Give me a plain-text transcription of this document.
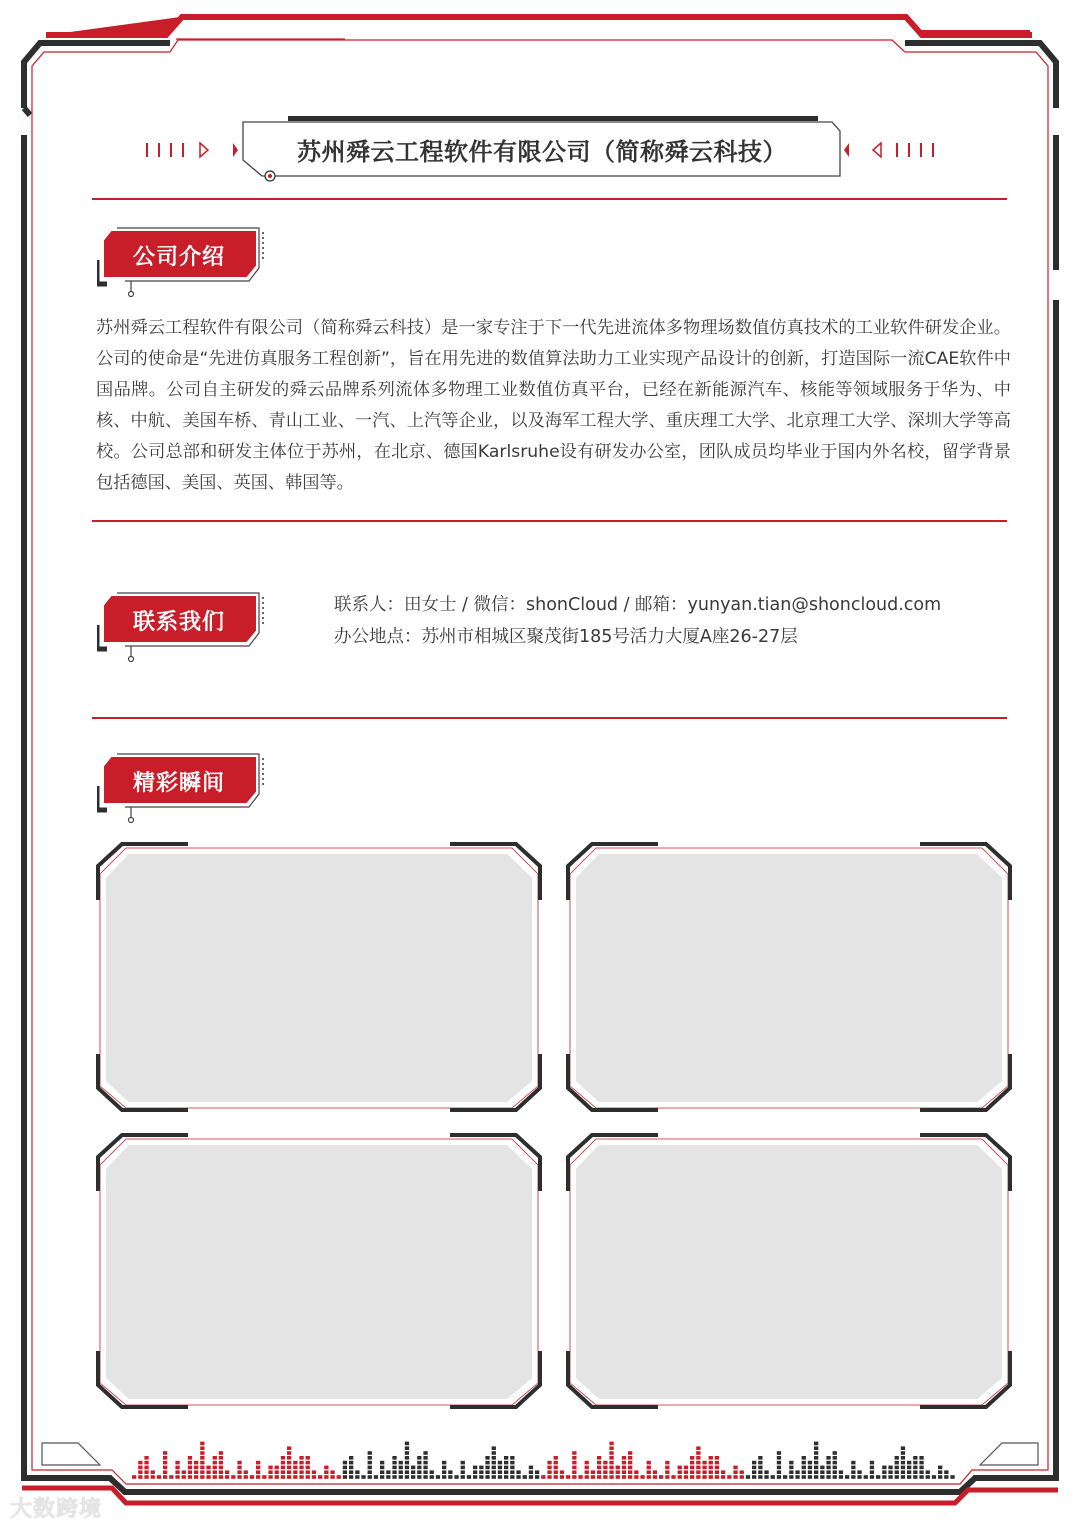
苏州舜云工程软件有限公司（简称舜云科技）
公司介绍
苏州舜云工程软件有限公司（简称舜云科技）是一家专注于下一代先进流体多物理场数值仿真技术的工业软件研发企业。公司的使命是“先进仿真服务工程创新”，旨在用先进的数值算法助力工业实现产品设计的创新，打造国际一流CAE软件中国品牌。公司自主研发的舜云品牌系列流体多物理工业数值仿真平台，已经在新能源汽车、核能等领域服务于华为、中核、中航、美国车桥、青山工业、一汽、上汽等企业，以及海军工程大学、重庆理工大学、北京理工大学、深圳大学等高校。公司总部和研发主体位于苏州，在北京、德国Karlsruhe设有研发办公室，团队成员均毕业于国内外名校，留学背景包括德国、美国、英国、韩国等。
联系我们
联系人：田女士 / 微信：shonCloud / 邮箱：yunyan.tian@shoncloud.com
办公地点：苏州市相城区聚茂街185号活力大厦A座26-27层
精彩瞬间
大数跨境
